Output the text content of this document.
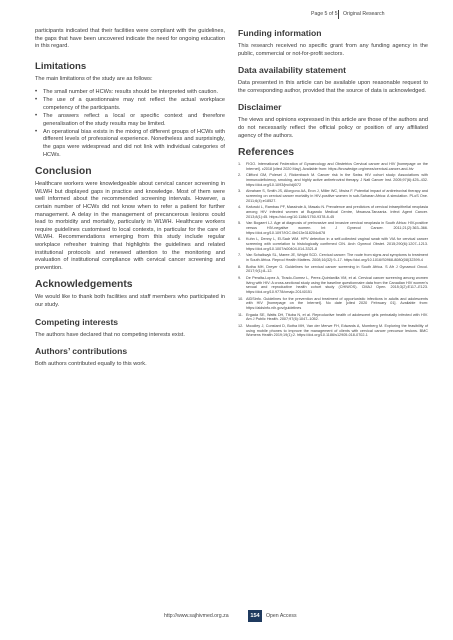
Page 5 of 5 Original Research

participants indicated that their facilities were compliant with the guidelines, the gaps that have been uncovered indicate the need for ongoing education in this regard.

Limitations

The main limitations of the study are as follows:

• The small number of HCWs: results should be interpreted with caution.
• The use of a questionnaire may not reflect the actual workplace competency of the participants.
• The answers reflect a local or specific context and therefore generalisation of the study results may be limited.
• An operational bias exists in the mixing of different groups of HCWs with different levels of professional experience. Nonetheless and surprisingly, the gaps were widespread and did not link with individual categories of HCWs.
Conclusion

Healthcare workers were knowledgeable about cervical cancer screening in WLWH but displayed gaps in practice and knowledge. Most of them were well informed about the recommended screening intervals. However, a certain number of HCWs did not know when to refer a patient for further management. A delay in the management of precancerous lesions could lead to morbidity and mortality, particularly in WLWH. Healthcare workers require guidelines customised to local contexts, in particular for the care of WLWH. Recommendations emerging from this study include regular workplace refresher training that highlights the guidelines and related institutional protocols and renewed attention to the monitoring and evaluation of institutional compliance with cervical cancer screening and prevention.

Acknowledgements

We would like to thank both facilities and staff members who participated in our study.

Competing interests

The authors have declared that no competing interests exist.

Authors’ contributions

Both authors contributed equally to this work.

Funding information

This research received no specific grant from any funding agency in the public, commercial or not-for-profit sectors.

Data availability statement

Data presented in this article can be available upon reasonable request to the corresponding author, provided that the source of data is acknowledged.

Disclaimer

The views and opinions expressed in this article are those of the authors and do not necessarily reflect the official policy or position of any affiliated agency of the authors.

References
1. FIGO. International Federation of Gynaecology and Obstetrics Cervical cancer and HIV [homepage on the Internet]. c2018 [cited 2020 May]. Available from: https://knowledge.org/news/cervical-cancer-and-hiv
2. Clifford GM, Polesel J, Rickenbach M. Cancer risk in the Swiss HIV cohort study: Associations with immunodeficiency, smoking, and highly active antiretroviral therapy. J Natl Cancer Inst. 2005;97(6):425–432. https://doi.org/10.1093/jnci/dji072
3. Abraham S, Smith JS, Allorgono AA, Eron J, Miller WC, Mwira F. Potential impact of antiretroviral therapy and screening on cervical cancer mortality in HIV-positive women in sub-Saharan Africa: A simulation. PLoS One. 2011;6(4):e18527.
4. Kafuruki L, Rambau PF, Massinde A, Masalu N. Prevalence and predictors of cervical intraepithelial neoplasia among HIV infected women at Bugando Medical Centre, Mwanza-Tanzania. Infect Agent Cancer. 2013;8(1):45. https://doi.org/10.1186/1750-9378-8-45
5. Van Bogaert LJ. Age at diagnosis of preinvasive and invasive cervical neoplasia in South Africa: HIV-positive versus HIV-negative women. Int J Gynecol Cancer. 2011;21(2):363–366. https://doi.org/10.1097/IGC.0b013e318204c678
6. Kuhn L, Denny L, El-Sadr WM. HPV detection in a self-collected vaginal swab with VIA for cervical cancer screening with correlation to histologically confirmed CIN. Arch Gynecol Obstet. 2015;290(6):1207–1213. https://doi.org/10.1007/s00404-014-3321-8
7. Van Schalkwyk SL, Maree JE, Wright SCD. Cervical cancer: The route from signs and symptoms to treatment in South Africa. Reprod Health Matters. 2008;16(32):9–17. https://doi.org/10.1016/S0968-8080(08)32399-4
8. Botha MH, Dreyer G. Guidelines for cervical cancer screening in South Africa. S Afr J Gynaecol Oncol. 2017;9(1):8–12.
9. De Peralta-Lopez A, Tirado-Gomez L, Perez-Quintanilla VM, et al. Cervical cancer screening among women living with HIV: A cross-sectional study using the baseline questionnaire data from the Canadian HIV women’s sexual and reproductive health cohort study (CHIWOS). CMAJ Open. 2015;3(2):E117–E123. https://doi.org/10.9778/cmajo.20140151
10. AIDSinfo. Guidelines for the prevention and treatment of opportunistic infections in adults and adolescents with HIV [homepage on the Internet]. No date [cited 2020 February 01]. Available from: https://aidsinfo.nih.gov/guidelines
11. Ergada SE, Watts DH, Tituba N, et al. Reproductive health of adolescent girls perinatally infected with HIV. Am J Public Health. 2007;97(6):1047–1052.
12. Moodley J, Constant D, Botha MH, Van der Merwe FH, Edwards A, Momberg M. Exploring the feasibility of using mobile phones to improve the management of clients with cervical cancer precursor lesions. BMC Womens Health 2019;19(1):2. https://doi.org/10.1186/s12905-018-0702-1
http://www.sajhivmed.org.za	154	Open Access
